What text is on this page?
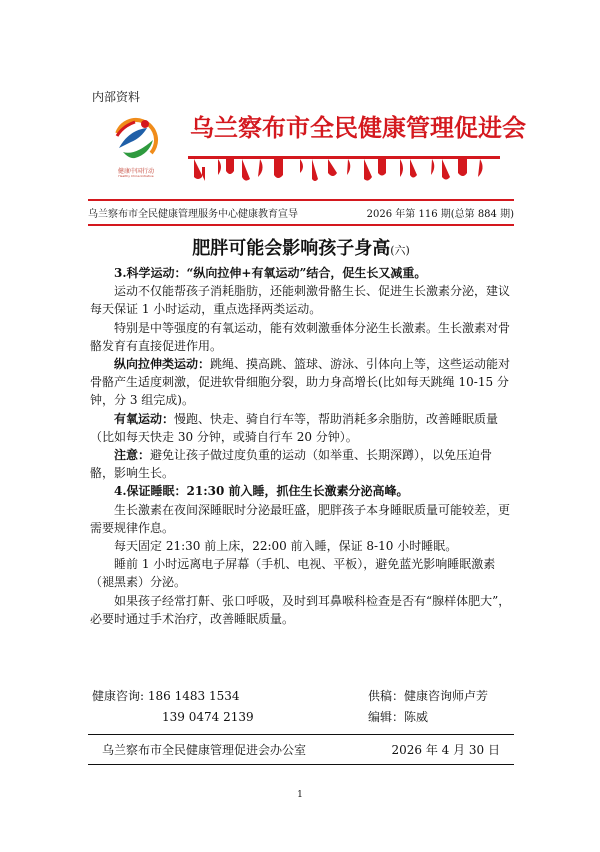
内部资料
健康中国行动
Healthy China Initiative
乌兰察布市全民健康管理促进会
乌兰察布市全民健康管理服务中心健康教育宣导	2026 年第 116 期(总第 884 期)
肥胖可能会影响孩子身高(六)

3.科学运动：“纵向拉伸+有氧运动”结合，促生长又减重。

运动不仅能帮孩子消耗脂肪，还能刺激骨骼生长、促进生长激素分泌，建议每天保证 1 小时运动，重点选择两类运动。

特别是中等强度的有氧运动，能有效刺激垂体分泌生长激素。生长激素对骨骼发育有直接促进作用。

纵向拉伸类运动：跳绳、摸高跳、篮球、游泳、引体向上等，这些运动能对骨骼产生适度刺激，促进软骨细胞分裂，助力身高增长(比如每天跳绳 10-15 分钟，分 3 组完成)。

有氧运动：慢跑、快走、骑自行车等，帮助消耗多余脂肪，改善睡眠质量（比如每天快走 30 分钟，或骑自行车 20 分钟）。

注意：避免让孩子做过度负重的运动（如举重、长期深蹲），以免压迫骨骼，影响生长。

4.保证睡眠：21:30 前入睡，抓住生长激素分泌高峰。

生长激素在夜间深睡眠时分泌最旺盛，肥胖孩子本身睡眠质量可能较差，更需要规律作息。

每天固定 21:30 前上床，22:00 前入睡，保证 8-10 小时睡眠。

睡前 1 小时远离电子屏幕（手机、电视、平板），避免蓝光影响睡眠激素（褪黑素）分泌。

如果孩子经常打鼾、张口呼吸，及时到耳鼻喉科检查是否有“腺样体肥大”，必要时通过手术治疗，改善睡眠质量。

健康咨询: 186 1483 1534
139 0474 2139
供稿：健康咨询师卢芳
编辑：陈威
乌兰察布市全民健康管理促进会办公室	2026 年 4 月 30 日
1
